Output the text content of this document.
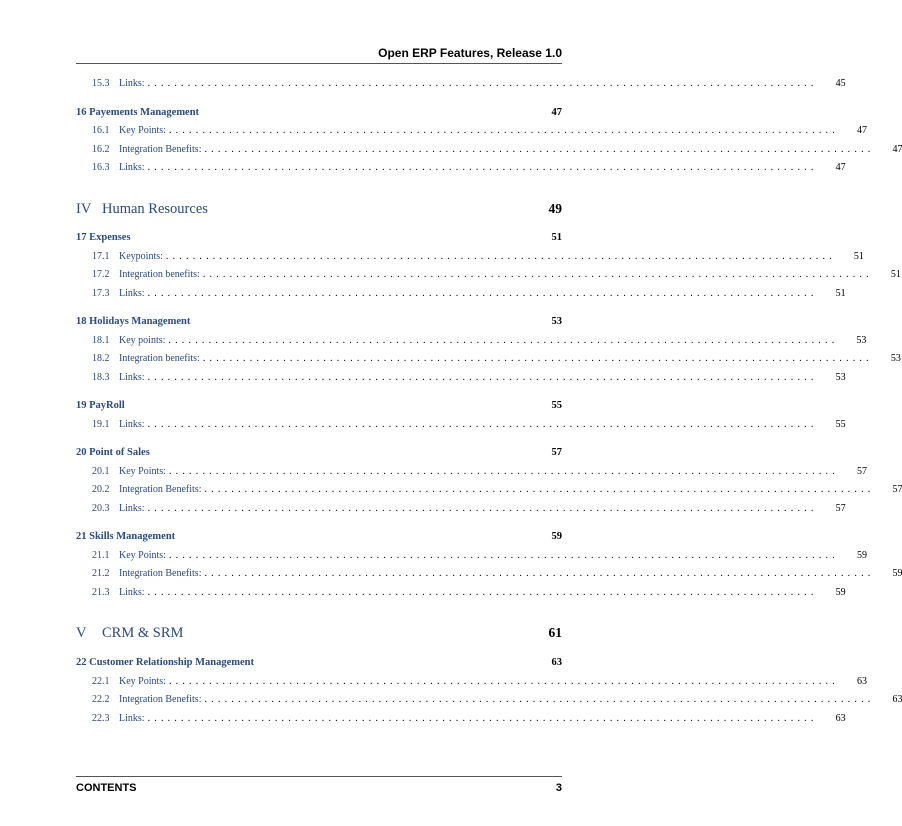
Open ERP Features, Release 1.0
15.3 Links: ....................................................................................................	45
16 Payements Management	47
16.1 Key Points: ....................................................................................................	47
16.2 Integration Benefits: ....................................................................................................	47
16.3 Links: ....................................................................................................	47
IV Human Resources	49
17 Expenses	51
17.1 Keypoints: ....................................................................................................	51
17.2 Integration benefits: ....................................................................................................	51
17.3 Links: ....................................................................................................	51
18 Holidays Management	53
18.1 Key points: ....................................................................................................	53
18.2 Integration benefits: ....................................................................................................	53
18.3 Links: ....................................................................................................	53
19 PayRoll	55
19.1 Links: ....................................................................................................	55
20 Point of Sales	57
20.1 Key Points: ....................................................................................................	57
20.2 Integration Benefits: ....................................................................................................	57
20.3 Links: ....................................................................................................	57
21 Skills Management	59
21.1 Key Points: ....................................................................................................	59
21.2 Integration Benefits: ....................................................................................................	59
21.3 Links: ....................................................................................................	59
V	CRM & SRM	61
22 Customer Relationship Management	63
22.1 Key Points: ....................................................................................................	63
22.2 Integration Benefits: ....................................................................................................	63
22.3 Links: ....................................................................................................	63
CONTENTS	3
